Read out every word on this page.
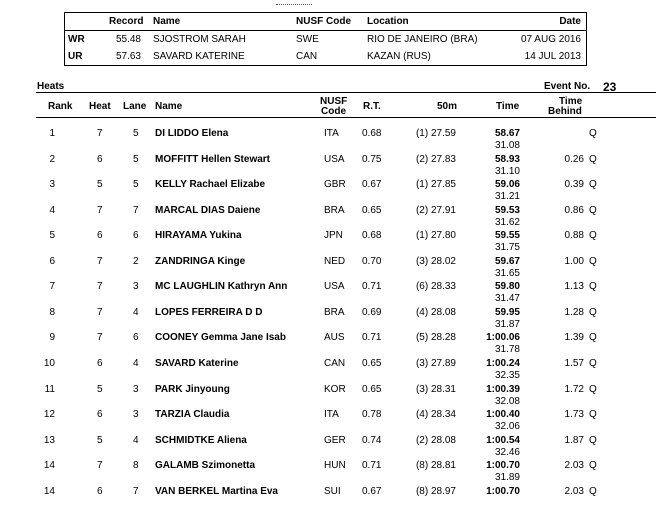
Record Name	NUSF Code Location	Date
WR	55.48 SJOSTROM SARAH	SWE	RIO DE JANEIRO (BRA)	07 AUG 2016
UR	57.63 SAVARD KATERINE	CAN	KAZAN (RUS)	14 JUL 2013
Heats	Event No. 23
Rank Heat Lane Name	NUSF
Code R.T.	50m	Time	Time
Behind
1	7	5 DI LIDDO Elena	ITA 0.68	(1) 27.59	58.67	Q
31.08
2	6	5 MOFFITT Hellen Stewart	USA 0.75	(2) 27.83	58.93	0.26 Q
31.10
3	5	5 KELLY Rachael Elizabe	GBR 0.67	(1) 27.85	59.06	0.39 Q
31.21
4	7	7 MARCAL DIAS Daiene	BRA 0.65	(2) 27.91	59.53	0.86 Q
31.62
5	6	6 HIRAYAMA Yukina	JPN 0.68	(1) 27.80	59.55	0.88 Q
31.75
6	7	2 ZANDRINGA Kinge	NED 0.70	(3) 28.02	59.67	1.00 Q
31.65
7	7	3 MC LAUGHLIN Kathryn Ann	USA 0.71	(6) 28.33	59.80	1.13 Q
31.47
8	7	4 LOPES FERREIRA D D	BRA 0.69	(4) 28.08	59.95	1.28 Q
31.87
9	7	6 COONEY Gemma Jane Isab	AUS 0.71	(5) 28.28	1:00.06	1.39 Q
31.78
10	6	4 SAVARD Katerine	CAN 0.65	(3) 27.89	1:00.24	1.57 Q
32.35
11	5	3 PARK Jinyoung	KOR 0.65	(3) 28.31	1:00.39	1.72 Q
32.08
12	6	3 TARZIA Claudia	ITA 0.78	(4) 28.34	1:00.40	1.73 Q
32.06
13	5	4 SCHMIDTKE Aliena	GER 0.74	(2) 28.08	1:00.54	1.87 Q
32.46
14	7	8 GALAMB Szimonetta	HUN 0.71	(8) 28.81	1:00.70	2.03 Q
31.89
14	6	7 VAN BERKEL Martina Eva	SUI 0.67	(8) 28.97	1:00.70	2.03 Q
